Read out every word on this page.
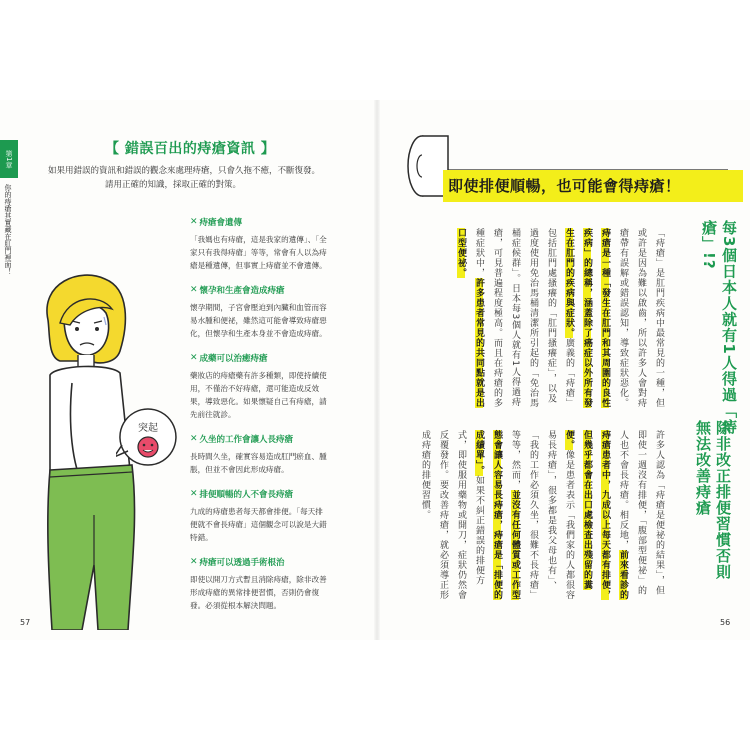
第1章
你的痔瘡其實藏在肛門裡面！
【 錯誤百出的痔瘡資訊 】

如果用錯誤的資訊和錯誤的觀念來處理痔瘡，只會久拖不癒，不斷復發。

請用正確的知識，採取正確的對策。

突起
✕ 痔瘡會遺傳
「我媽也有痔瘡，這是我家的遺傳」、「全家只有我得痔瘡」等等，常會有人以為痔瘡是種遺傳，但事實上痔瘡並不會遺傳。
✕ 懷孕和生產會造成痔瘡
懷孕期間，子宮會壓迫到內臟和血管而容易水腫和便祕，雖然這可能會導致痔瘡惡化，但懷孕和生產本身並不會造成痔瘡。
✕ 成藥可以治癒痔瘡
藥妝店的痔瘡藥有許多種類，即使持續使用，不僅治不好痔瘡，還可能造成反效果，導致惡化。如果懷疑自己有痔瘡，請先前往就診。
✕ 久坐的工作會讓人長痔瘡
長時間久坐，確實容易造成肛門瘀血、腫脹，但並不會因此形成痔瘡。
✕ 排便順暢的人不會長痔瘡
九成的痔瘡患者每天都會排便。「每天排便就不會長痔瘡」這個觀念可以說是大錯特錯。
✕ 痔瘡可以透過手術根治
即使以開刀方式暫且消除痔瘡，除非改善形成痔瘡的異常排便習慣，否則仍會復發。必須從根本解決問題。
57
即使排便順暢，也可能會得痔瘡！
每3個日本人就有1人得過「痔瘡」!?
「痔瘡」是肛門疾病中最常見的一種，但或許是因為難以啟齒，所以許多人會對痔瘡帶有誤解或錯誤認知，導致症狀惡化。痔瘡是一種「發生在肛門和其周圍的良性疾病」的總稱，涵蓋除了癌症以外所有發生在肛門的疾病與症狀。廣義的「痔瘡」包括肛門處搔癢的「肛門搔癢症」，以及過度使用免治馬桶清潔所引起的「免治馬桶症候群」。日本每3個人就有1人得過痔瘡，可見普遍程度極高。而且在痔瘡的多種症狀中，許多患者常見的共同點就是出口型便祕。
除非改正排便習慣否則無法改善痔瘡
許多人認為「痔瘡是便祕的結果」，但即使一週沒有排便，「腹部型便祕」的人也不會長痔瘡。相反地，前來看診的痔瘡患者中，九成以上每天都有排便，但幾乎都會在出口處檢查出殘留的糞便。像是患者表示「我們家的人都很容易長痔瘡」，很多都是我父母也有」、「我的工作必須久坐，很難不長痔瘡」等等，然而，並沒有任何體質或工作型態會讓人容易長痔瘡，痔瘡是「排便的成績單」。如果不糾正錯誤的排便方式，即使服用藥物或開刀，症狀仍然會反覆發作。要改善痔瘡，就必須導正形成痔瘡的排便習慣。
56
